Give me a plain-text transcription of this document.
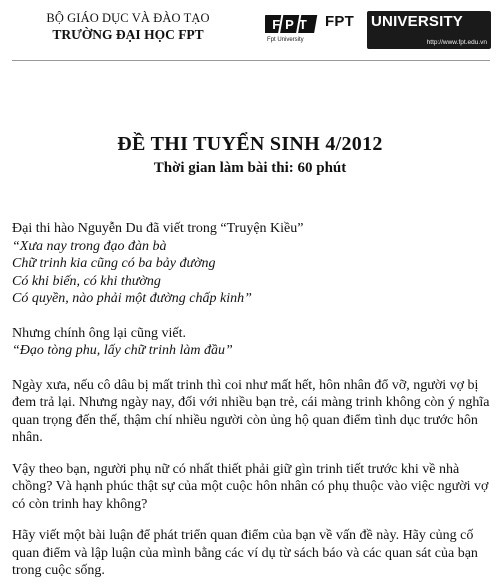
BỘ GIÁO DỤC VÀ ĐÀO TẠO
TRƯỜNG ĐẠI HỌC FPT
FPT
Fpt University
FPT UNIVERSITY
http://www.fpt.edu.vn
ĐỀ THI TUYỂN SINH 4/2012
Thời gian làm bài thi: 60 phút

Đại thi hào Nguyễn Du đã viết trong “Truyện Kiều”

“Xưa nay trong đạo đàn bà

Chữ trinh kia cũng có ba bảy đường

Có khi biến, có khi thường

Có quyền, nào phải một đường chấp kinh”

Nhưng chính ông lại cũng viết.

“Đạo tòng phu, lấy chữ trinh làm đầu”

Ngày xưa, nếu cô dâu bị mất trinh thì coi như mất hết, hôn nhân đổ vỡ, người vợ bị đem trả lại. Nhưng ngày nay, đối với nhiều bạn trẻ, cái màng trinh không còn ý nghĩa quan trọng đến thế, thậm chí nhiều người còn ủng hộ quan điểm tình dục trước hôn nhân.

Vậy theo bạn, người phụ nữ có nhất thiết phải giữ gìn trinh tiết trước khi về nhà chồng? Và hạnh phúc thật sự của một cuộc hôn nhân có phụ thuộc vào việc người vợ có còn trinh hay không?

Hãy viết một bài luận để phát triển quan điểm của bạn về vấn đề này. Hãy củng cố quan điểm và lập luận của mình bằng các ví dụ từ sách báo và các quan sát của bạn trong cuộc sống.
